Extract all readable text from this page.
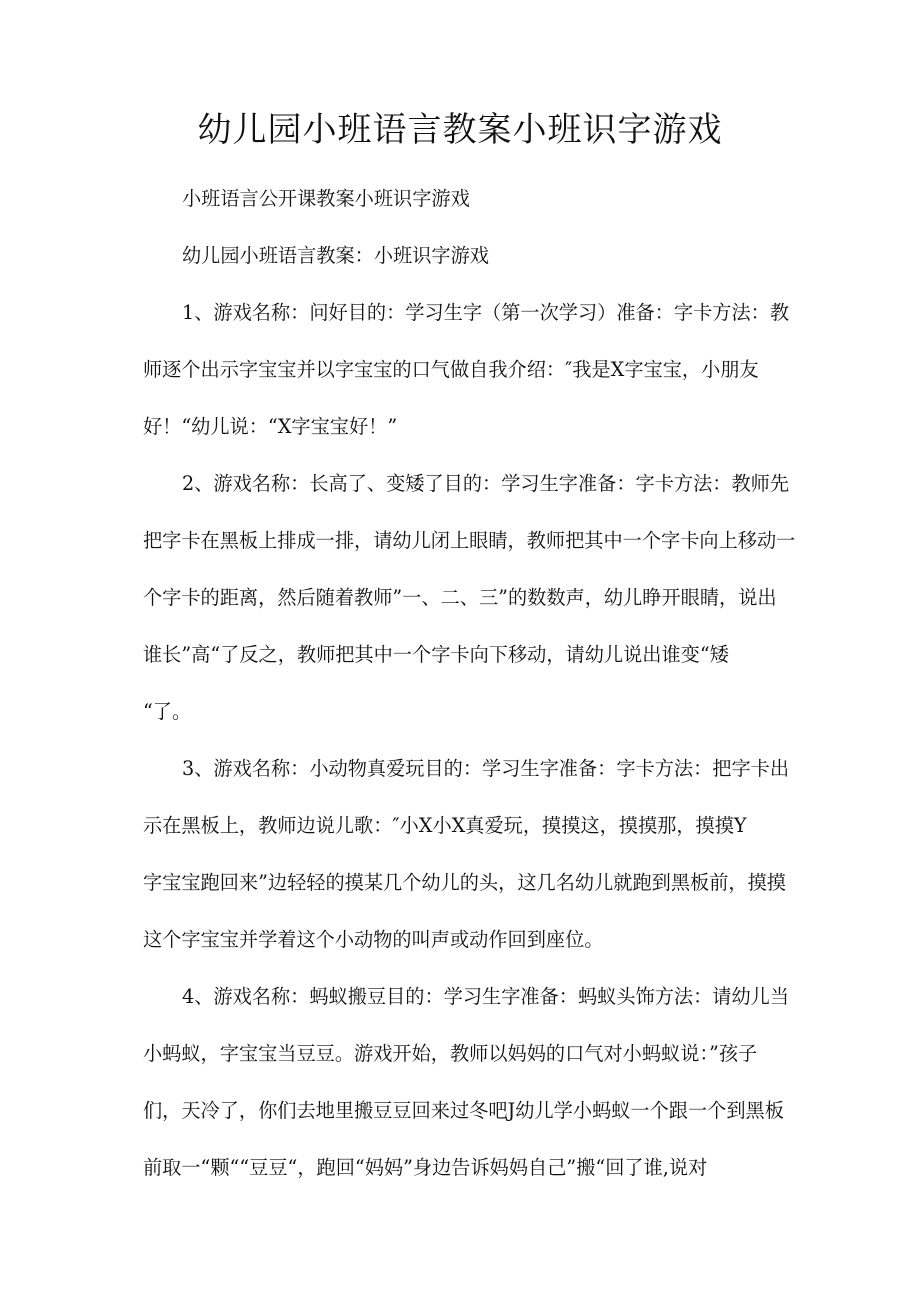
幼儿园小班语言教案小班识字游戏
小班语言公开课教案小班识字游戏
幼儿园小班语言教案：小班识字游戏
1、游戏名称：问好目的：学习生字（第一次学习）准备：字卡方法：教
师逐个出示字宝宝并以字宝宝的口气做自我介绍：″我是X字宝宝，小朋友
好！“幼儿说：“X字宝宝好！”
2、游戏名称：长高了、变矮了目的：学习生字准备：字卡方法：教师先
把字卡在黑板上排成一排，请幼儿闭上眼睛，教师把其中一个字卡向上移动一
个字卡的距离，然后随着教师”一、二、三”的数数声，幼儿睁开眼睛，说出
谁长”高“了反之，教师把其中一个字卡向下移动，请幼儿说出谁变“矮
“了。
3、游戏名称：小动物真爱玩目的：学习生字准备：字卡方法：把字卡出
示在黑板上，教师边说儿歌：″小X小X真爱玩，摸摸这，摸摸那，摸摸Y
字宝宝跑回来”边轻轻的摸某几个幼儿的头，这几名幼儿就跑到黑板前，摸摸
这个字宝宝并学着这个小动物的叫声或动作回到座位。
4、游戏名称：蚂蚁搬豆目的：学习生字准备：蚂蚁头饰方法：请幼儿当
小蚂蚁，字宝宝当豆豆。游戏开始，教师以妈妈的口气对小蚂蚁说：”孩子
们，天冷了，你们去地里搬豆豆回来过冬吧J幼儿学小蚂蚁一个跟一个到黑板
前取一“颗““豆豆“，跑回“妈妈”身边告诉妈妈自己”搬“回了谁,说对
